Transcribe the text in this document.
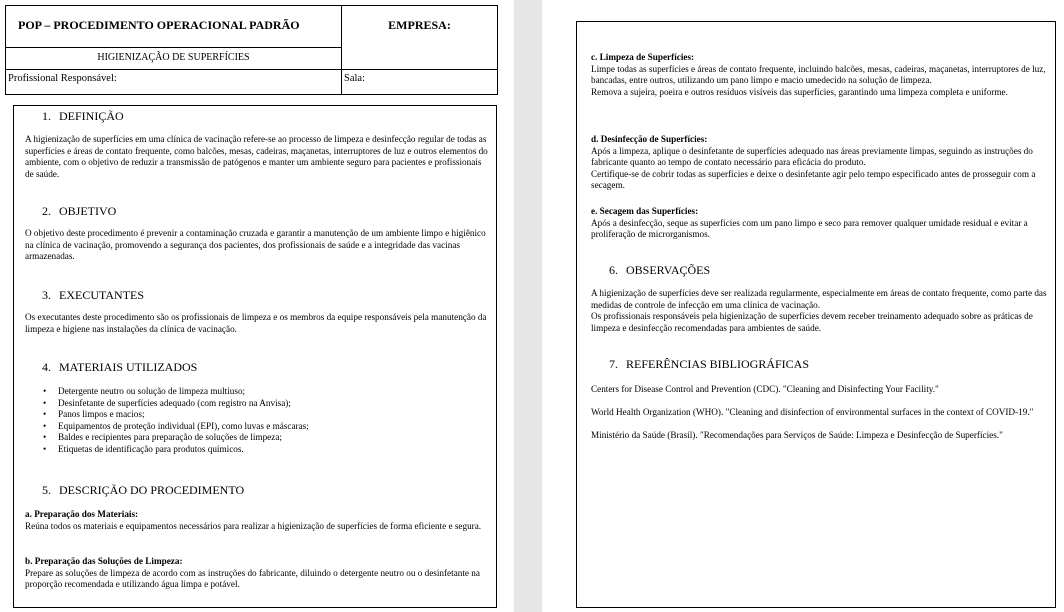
POP – PROCEDIMENTO OPERACIONAL PADRÃO	EMPRESA:
HIGIENIZAÇÃO DE SUPERFÍCIES
Profissional Responsável:	Sala:
1. DEFINIÇÃO

A higienização de superfícies em uma clínica de vacinação refere-se ao processo de limpeza e desinfecção regular de todas as superfícies e áreas de contato frequente, como balcões, mesas, cadeiras, maçanetas, interruptores de luz e outros elementos do ambiente, com o objetivo de reduzir a transmissão de patógenos e manter um ambiente seguro para pacientes e profissionais de saúde.

2. OBJETIVO

O objetivo deste procedimento é prevenir a contaminação cruzada e garantir a manutenção de um ambiente limpo e higiênico na clínica de vacinação, promovendo a segurança dos pacientes, dos profissionais de saúde e a integridade das vacinas armazenadas.

3. EXECUTANTES

Os executantes deste procedimento são os profissionais de limpeza e os membros da equipe responsáveis pela manutenção da limpeza e higiene nas instalações da clínica de vacinação.

4. MATERIAIS UTILIZADOS
• Detergente neutro ou solução de limpeza multiuso;
• Desinfetante de superfícies adequado (com registro na Anvisa);
• Panos limpos e macios;
• Equipamentos de proteção individual (EPI), como luvas e máscaras;
• Baldes e recipientes para preparação de soluções de limpeza;
• Etiquetas de identificação para produtos químicos.
5. DESCRIÇÃO DO PROCEDIMENTO

a. Preparação dos Materiais:

Reúna todos os materiais e equipamentos necessários para realizar a higienização de superfícies de forma eficiente e segura.

b. Preparação das Soluções de Limpeza:

Prepare as soluções de limpeza de acordo com as instruções do fabricante, diluindo o detergente neutro ou o desinfetante na proporção recomendada e utilizando água limpa e potável.

c. Limpeza de Superfícies:

Limpe todas as superfícies e áreas de contato frequente, incluindo balcões, mesas, cadeiras, maçanetas, interruptores de luz, bancadas, entre outros, utilizando um pano limpo e macio umedecido na solução de limpeza.

Remova a sujeira, poeira e outros resíduos visíveis das superfícies, garantindo uma limpeza completa e uniforme.

d. Desinfecção de Superfícies:

Após a limpeza, aplique o desinfetante de superfícies adequado nas áreas previamente limpas, seguindo as instruções do fabricante quanto ao tempo de contato necessário para eficácia do produto.

Certifique-se de cobrir todas as superfícies e deixe o desinfetante agir pelo tempo especificado antes de prosseguir com a secagem.

e. Secagem das Superfícies:

Após a desinfecção, seque as superfícies com um pano limpo e seco para remover qualquer umidade residual e evitar a proliferação de microrganismos.

6. OBSERVAÇÕES

A higienização de superfícies deve ser realizada regularmente, especialmente em áreas de contato frequente, como parte das medidas de controle de infecção em uma clínica de vacinação.

Os profissionais responsáveis pela higienização de superfícies devem receber treinamento adequado sobre as práticas de limpeza e desinfecção recomendadas para ambientes de saúde.

7. REFERÊNCIAS BIBLIOGRÁFICAS

Centers for Disease Control and Prevention (CDC). "Cleaning and Disinfecting Your Facility."

World Health Organization (WHO). "Cleaning and disinfection of environmental surfaces in the context of COVID-19."

Ministério da Saúde (Brasil). "Recomendações para Serviços de Saúde: Limpeza e Desinfecção de Superfícies."
